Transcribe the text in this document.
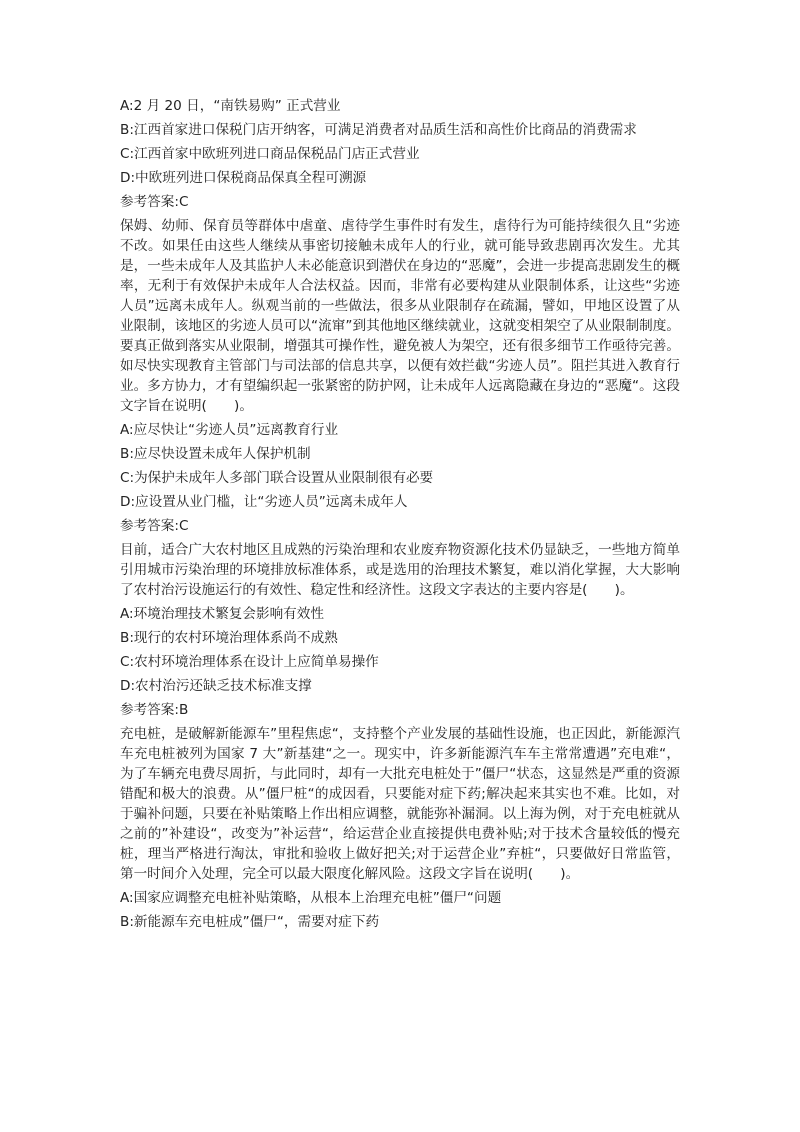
A:2 月 20 日，“南铁易购” 正式营业
B:江西首家进口保税门店开纳客，可满足消费者对品质生活和高性价比商品的消费需求
C:江西首家中欧班列进口商品保税品门店正式营业
D:中欧班列进口保税商品保真全程可溯源
参考答案:C
保姆、幼师、保育员等群体中虐童、虐待学生事件时有发生，虐待行为可能持续很久且“劣迹不改。如果任由这些人继续从事密切接触未成年人的行业，就可能导致悲剧再次发生。尤其是，一些未成年人及其监护人未必能意识到潜伏在身边的“恶魔”，会进一步提高悲剧发生的概率，无利于有效保护未成年人合法权益。因而，非常有必要构建从业限制体系，让这些“劣迹人员”远离未成年人。纵观当前的一些做法，很多从业限制存在疏漏，譬如，甲地区设置了从业限制，该地区的劣迹人员可以“流窜”到其他地区继续就业，这就变相架空了从业限制制度。要真正做到落实从业限制，增强其可操作性，避免被人为架空，还有很多细节工作亟待完善。如尽快实现教育主管部门与司法部的信息共享，以便有效拦截“劣迹人员”。阻拦其进入教育行业。多方协力，才有望编织起一张紧密的防护网，让未成年人远离隐藏在身边的“恶魔“。这段文字旨在说明(　　)。
A:应尽快让“劣迹人员”远离教育行业
B:应尽快设置未成年人保护机制
C:为保护未成年人多部门联合设置从业限制很有必要
D:应设置从业门槛，让“劣迹人员”远离未成年人
参考答案:C
目前，适合广大农村地区且成熟的污染治理和农业废弃物资源化技术仍显缺乏，一些地方简单引用城市污染治理的环境排放标准体系，或是选用的治理技术繁复，难以消化掌握，大大影响了农村治污设施运行的有效性、稳定性和经济性。这段文字表达的主要内容是(　　)。
A:环境治理技术繁复会影响有效性
B:现行的农村环境治理体系尚不成熟
C:农村环境治理体系在设计上应简单易操作
D:农村治污还缺乏技术标准支撑
参考答案:B
充电桩，是破解新能源车”里程焦虑“，支持整个产业发展的基础性设施，也正因此，新能源汽车充电桩被列为国家 7 大”新基建“之一。现实中，许多新能源汽车车主常常遭遇”充电难“，为了车辆充电费尽周折，与此同时，却有一大批充电桩处于”僵尸“状态，这显然是严重的资源错配和极大的浪费。从”僵尸桩“的成因看，只要能对症下药;解决起来其实也不难。比如，对于骗补问题，只要在补贴策略上作出相应调整，就能弥补漏洞。以上海为例，对于充电桩就从之前的”补建设“，改变为”补运营“，给运营企业直接提供电费补贴;对于技术含量较低的慢充桩，理当严格进行淘汰，审批和验收上做好把关;对于运营企业”弃桩“，只要做好日常监管，第一时间介入处理，完全可以最大限度化解风险。这段文字旨在说明(　　)。
A:国家应调整充电桩补贴策略，从根本上治理充电桩”僵尸“问题
B:新能源车充电桩成”僵尸“，需要对症下药
